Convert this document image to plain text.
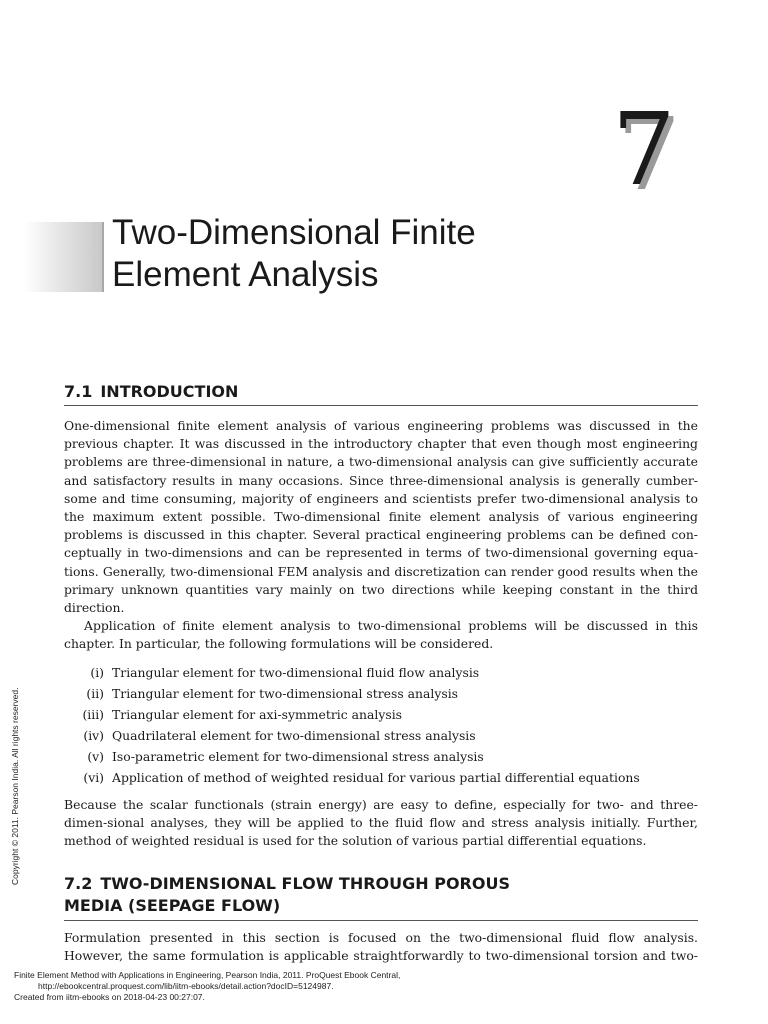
7
Two-Dimensional Finite
Element Analysis
7.1 INTRODUCTION

One-dimensional finite element analysis of various engineering problems was discussed in the previous chapter. It was discussed in the introductory chapter that even though most engineering problems are three-dimensional in nature, a two-dimensional analysis can give sufficiently accurate and satisfactory results in many occasions. Since three-dimensional analysis is generally cumber-some and time consuming, majority of engineers and scientists prefer two-dimensional analysis to the maximum extent possible. Two-dimensional finite element analysis of various engineering problems is discussed in this chapter. Several practical engineering problems can be defined con-ceptually in two-dimensions and can be represented in terms of two-dimensional governing equa-tions. Generally, two-dimensional FEM analysis and discretization can render good results when the primary unknown quantities vary mainly on two directions while keeping constant in the third direction.

Application of finite element analysis to two-dimensional problems will be discussed in this chapter. In particular, the following formulations will be considered.

(i) Triangular element for two-dimensional fluid flow analysis
(ii) Triangular element for two-dimensional stress analysis
(iii) Triangular element for axi-symmetric analysis
(iv) Quadrilateral element for two-dimensional stress analysis
(v) Iso-parametric element for two-dimensional stress analysis
(vi) Application of method of weighted residual for various partial differential equations

Because the scalar functionals (strain energy) are easy to define, especially for two- and three-dimen-sional analyses, they will be applied to the fluid flow and stress analysis initially. Further, method of weighted residual is used for the solution of various partial differential equations.

7.2 TWO-DIMENSIONAL FLOW THROUGH POROUS
MEDIA (SEEPAGE FLOW)

Formulation presented in this section is focused on the two-dimensional fluid flow analysis. However, the same formulation is applicable straightforwardly to two-dimensional torsion and two-

Copyright © 2011. Pearson India. All rights reserved.
Finite Element Method with Applications in Engineering, Pearson India, 2011. ProQuest Ebook Central,
http://ebookcentral.proquest.com/lib/iitm-ebooks/detail.action?docID=5124987.
Created from iitm-ebooks on 2018-04-23 00:27:07.
